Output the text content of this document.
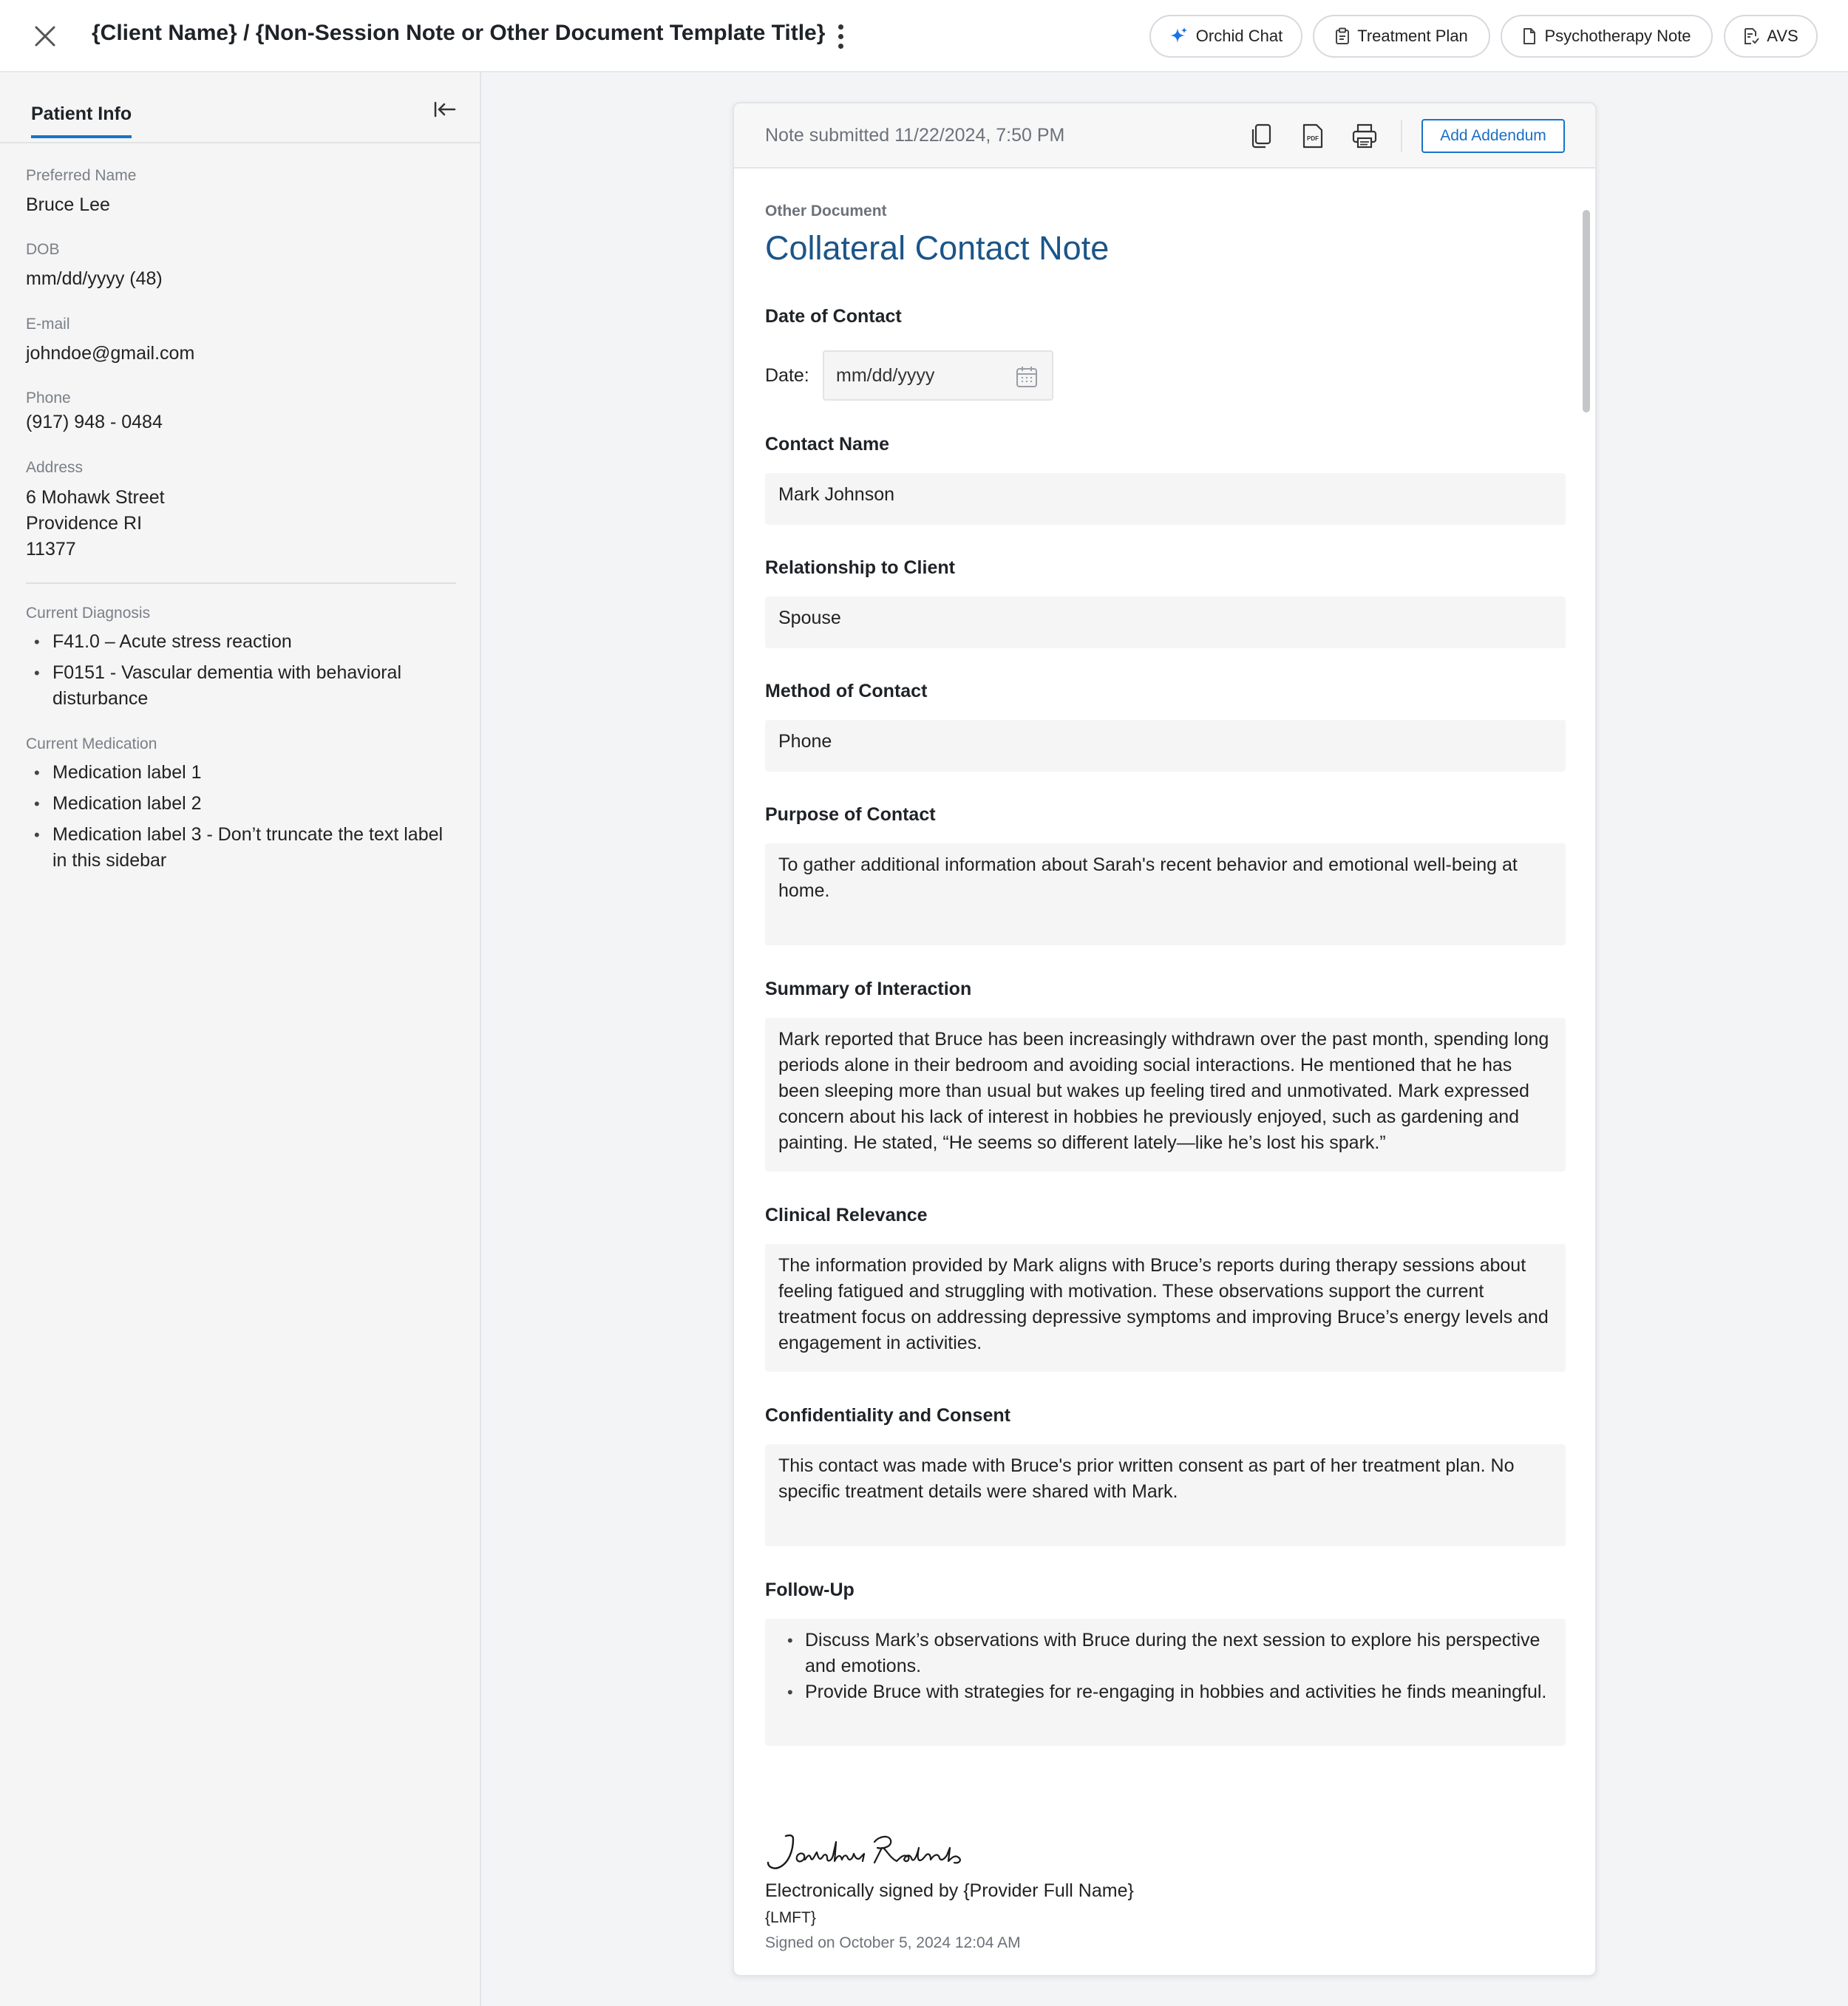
{Client Name} / {Non-Session Note or Other Document Template Title}	Orchid Chat	Treatment Plan	Psychotherapy Note	AVS
Patient Info
Preferred Name
Bruce Lee
DOB
mm/dd/yyyy (48)
E-mail
johndoe@gmail.com
Phone
(917) 948 - 0484
Address
6 Mohawk Street
Providence RI
11377
Current Diagnosis
• F41.0 – Acute stress reaction
• F0151 - Vascular dementia with behavioral disturbance
Current Medication
• Medication label 1
• Medication label 2
• Medication label 3 - Don’t truncate the text label in this sidebar
Note submitted 11/22/2024, 7:50 PM	PDF	Add Addendum
Other Document
Collateral Contact Note
Date of Contact
Date: mm/dd/yyyy
Contact Name
Mark Johnson
Relationship to Client
Spouse
Method of Contact
Phone
Purpose of Contact
To gather additional information about Sarah's recent behavior and emotional well-being at home.
Summary of Interaction
Mark reported that Bruce has been increasingly withdrawn over the past month, spending long periods alone in their bedroom and avoiding social interactions. He mentioned that he has been sleeping more than usual but wakes up feeling tired and unmotivated. Mark expressed concern about his lack of interest in hobbies he previously enjoyed, such as gardening and painting. He stated, “He seems so different lately—like he’s lost his spark.”
Clinical Relevance
The information provided by Mark aligns with Bruce’s reports during therapy sessions about feeling fatigued and struggling with motivation. These observations support the current treatment focus on addressing depressive symptoms and improving Bruce’s energy levels and engagement in activities.
Confidentiality and Consent
This contact was made with Bruce's prior written consent as part of her treatment plan. No specific treatment details were shared with Mark.
Follow-Up
• Discuss Mark’s observations with Bruce during the next session to explore his perspective and emotions.
• Provide Bruce with strategies for re-engaging in hobbies and activities he finds meaningful.
Electronically signed by {Provider Full Name}
{LMFT}
Signed on October 5, 2024 12:04 AM
